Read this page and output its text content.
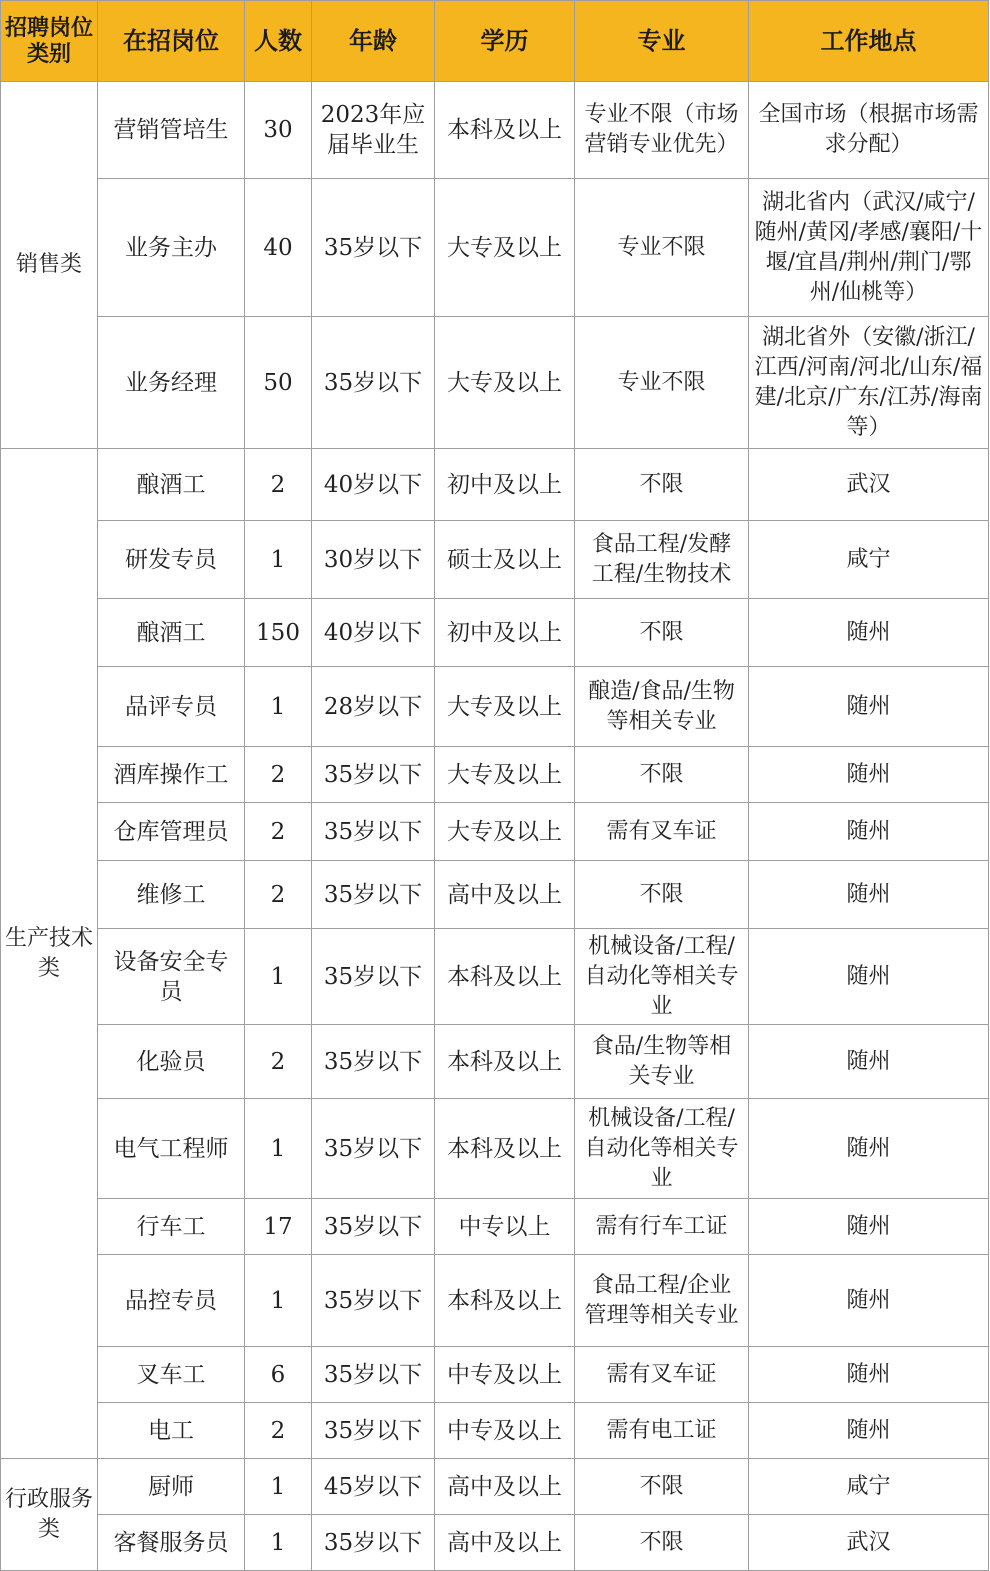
招聘岗位类别	在招岗位	人数	年龄	学历	专业	工作地点
销售类	营销管培生	30	2023年应届毕业生	本科及以上	专业不限（市场营销专业优先）	全国市场（根据市场需求分配）
	业务主办	40	35岁以下	大专及以上	专业不限	湖北省内（武汉/咸宁/随州/黄冈/孝感/襄阳/十堰/宜昌/荆州/荆门/鄂州/仙桃等）
	业务经理	50	35岁以下	大专及以上	专业不限	湖北省外（安徽/浙江/江西/河南/河北/山东/福建/北京/广东/江苏/海南等）
生产技术类	酿酒工	2	40岁以下	初中及以上	不限	武汉
	研发专员	1	30岁以下	硕士及以上	食品工程/发酵工程/生物技术	咸宁
	酿酒工	150	40岁以下	初中及以上	不限	随州
	品评专员	1	28岁以下	大专及以上	酿造/食品/生物等相关专业	随州
	酒库操作工	2	35岁以下	大专及以上	不限	随州
	仓库管理员	2	35岁以下	大专及以上	需有叉车证	随州
	维修工	2	35岁以下	高中及以上	不限	随州
	设备安全专员	1	35岁以下	本科及以上	机械设备/工程/自动化等相关专业	随州
	化验员	2	35岁以下	本科及以上	食品/生物等相关专业	随州
	电气工程师	1	35岁以下	本科及以上	机械设备/工程/自动化等相关专业	随州
	行车工	17	35岁以下	中专以上	需有行车工证	随州
	品控专员	1	35岁以下	本科及以上	食品工程/企业管理等相关专业	随州
	叉车工	6	35岁以下	中专及以上	需有叉车证	随州
	电工	2	35岁以下	中专及以上	需有电工证	随州
行政服务类	厨师	1	45岁以下	高中及以上	不限	咸宁
	客餐服务员	1	35岁以下	高中及以上	不限	武汉
